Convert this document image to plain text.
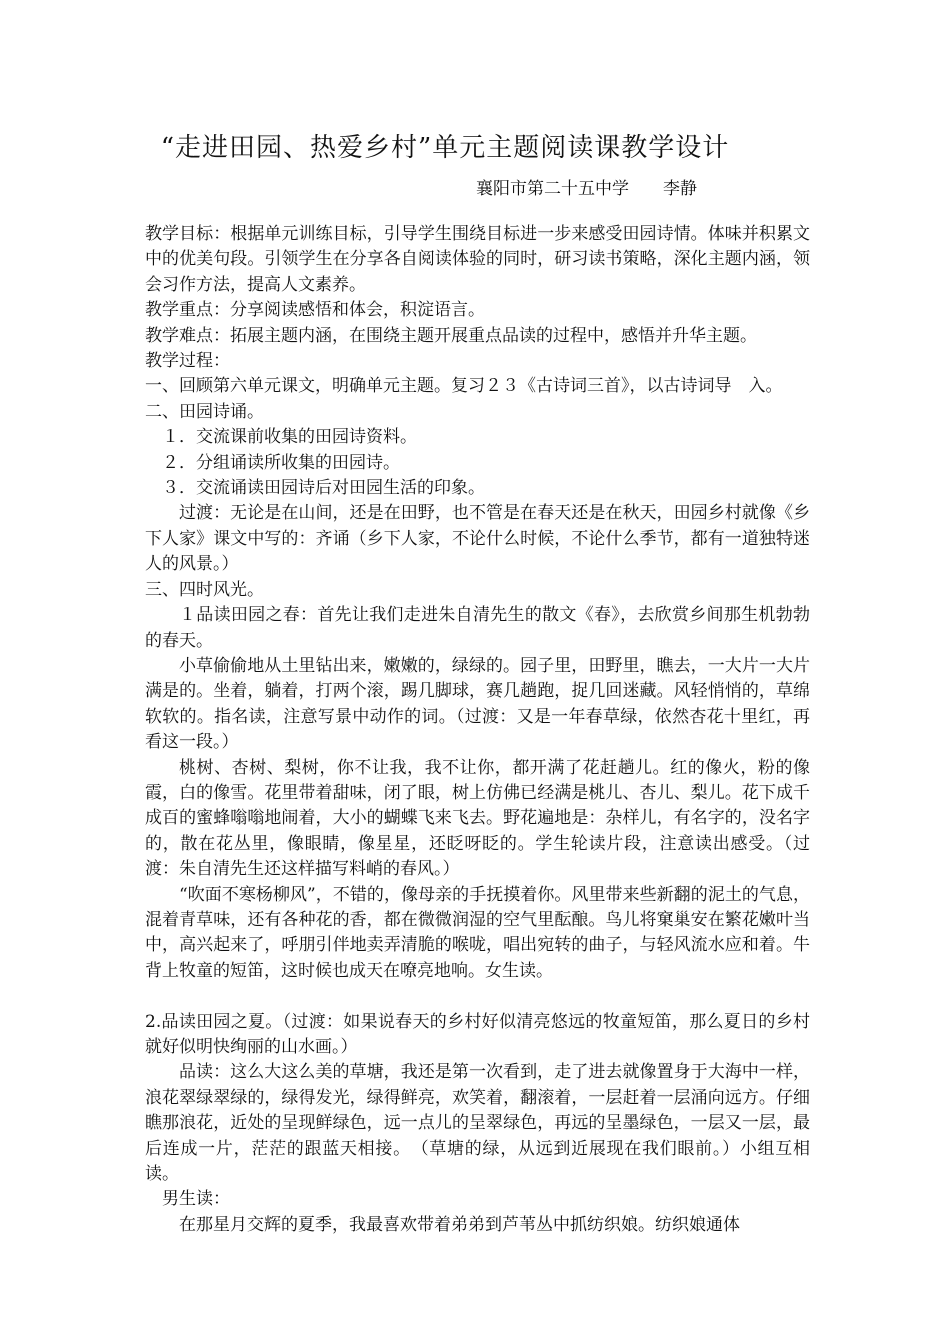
“走进田园、热爱乡村”单元主题阅读课教学设计
襄阳市第二十五中学　　李静

教学目标：根据单元训练目标，引导学生围绕目标进一步来感受田园诗情。体味并积累文中的优美句段。引领学生在分享各自阅读体验的同时，研习读书策略，深化主题内涵，领会习作方法，提高人文素养。

教学重点：分享阅读感悟和体会，积淀语言。

教学难点：拓展主题内涵，在围绕主题开展重点品读的过程中，感悟并升华主题。

教学过程：

一、回顾第六单元课文，明确单元主题。复习２３《古诗词三首》，以古诗词导　入。

二、田园诗诵。

１．交流课前收集的田园诗资料。

２．分组诵读所收集的田园诗。

３．交流诵读田园诗后对田园生活的印象。

过渡：无论是在山间，还是在田野，也不管是在春天还是在秋天，田园乡村就像《乡下人家》课文中写的：齐诵（乡下人家，不论什么时候，不论什么季节，都有一道独特迷人的风景。）

三、四时风光。

１品读田园之春：首先让我们走进朱自清先生的散文《春》，去欣赏乡间那生机勃勃的春天。

小草偷偷地从土里钻出来，嫩嫩的，绿绿的。园子里，田野里，瞧去，一大片一大片满是的。坐着，躺着，打两个滚，踢几脚球，赛几趟跑，捉几回迷藏。风轻悄悄的，草绵软软的。指名读，注意写景中动作的词。（过渡：又是一年春草绿，依然杏花十里红，再看这一段。）

桃树、杏树、梨树，你不让我，我不让你，都开满了花赶趟儿。红的像火，粉的像霞，白的像雪。花里带着甜味，闭了眼，树上仿佛已经满是桃儿、杏儿、梨儿。花下成千成百的蜜蜂嗡嗡地闹着，大小的蝴蝶飞来飞去。野花遍地是：杂样儿，有名字的，没名字的，散在花丛里，像眼睛，像星星，还眨呀眨的。学生轮读片段，注意读出感受。（过渡：朱自清先生还这样描写料峭的春风。）

“吹面不寒杨柳风”，不错的，像母亲的手抚摸着你。风里带来些新翻的泥土的气息，混着青草味，还有各种花的香，都在微微润湿的空气里酝酿。鸟儿将窠巢安在繁花嫩叶当中，高兴起来了，呼朋引伴地卖弄清脆的喉咙，唱出宛转的曲子，与轻风流水应和着。牛背上牧童的短笛，这时候也成天在嘹亮地响。女生读。

2.品读田园之夏。（过渡：如果说春天的乡村好似清亮悠远的牧童短笛，那么夏日的乡村就好似明快绚丽的山水画。）

品读：这么大这么美的草塘，我还是第一次看到，走了进去就像置身于大海中一样，浪花翠绿翠绿的，绿得发光，绿得鲜亮，欢笑着，翻滚着，一层赶着一层涌向远方。仔细瞧那浪花，近处的呈现鲜绿色，远一点儿的呈翠绿色，再远的呈墨绿色，一层又一层，最后连成一片，茫茫的跟蓝天相接。　（草塘的绿，从远到近展现在我们眼前。）小组互相读。

男生读：

在那星月交辉的夏季，我最喜欢带着弟弟到芦苇丛中抓纺织娘。纺织娘通体
